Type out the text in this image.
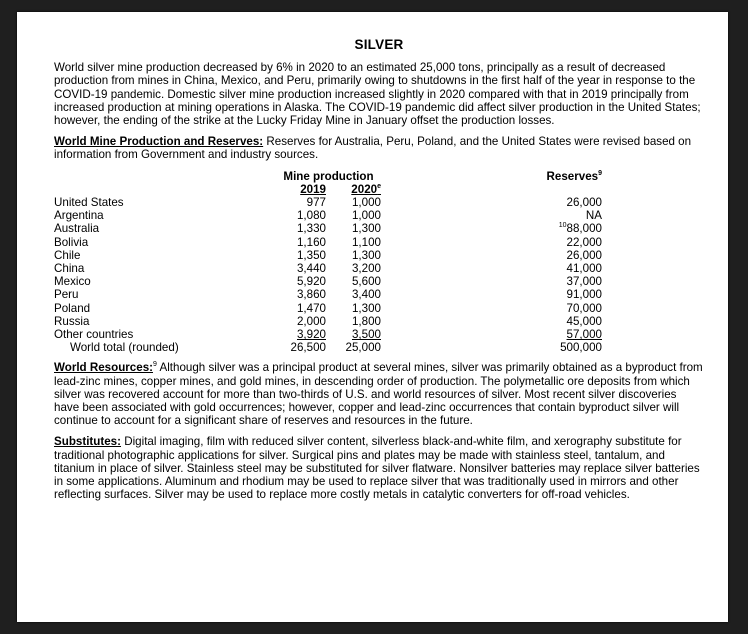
SILVER

World silver mine production decreased by 6% in 2020 to an estimated 25,000 tons, principally as a result of decreased production from mines in China, Mexico, and Peru, primarily owing to shutdowns in the first half of the year in response to the COVID-19 pandemic. Domestic silver mine production increased slightly in 2020 compared with that in 2019 principally from increased production at mining operations in Alaska. The COVID-19 pandemic did affect silver production in the United States; however, the ending of the strike at the Lucky Friday Mine in January offset the production losses.

World Mine Production and Reserves: Reserves for Australia, Peru, Poland, and the United States were revised based on information from Government and industry sources.

	Mine production		Reserves$^9$
	2019	2020e	
United States	977	1,000	26,000
Argentina	1,080	1,000	NA
Australia	1,330	1,300	$^{10}$88,000
Bolivia	1,160	1,100	22,000
Chile	1,350	1,300	26,000
China	3,440	3,200	41,000
Mexico	5,920	5,600	37,000
Peru	3,860	3,400	91,000
Poland	1,470	1,300	70,000
Russia	2,000	1,800	45,000
Other countries	3,920	3,500	57,000
World total (rounded)	26,500	25,000	500,000

World Resources:$^9$ Although silver was a principal product at several mines, silver was primarily obtained as a byproduct from lead-zinc mines, copper mines, and gold mines, in descending order of production. The polymetallic ore deposits from which silver was recovered account for more than two-thirds of U.S. and world resources of silver. Most recent silver discoveries have been associated with gold occurrences; however, copper and lead-zinc occurrences that contain byproduct silver will continue to account for a significant share of reserves and resources in the future.

Substitutes: Digital imaging, film with reduced silver content, silverless black-and-white film, and xerography substitute for traditional photographic applications for silver. Surgical pins and plates may be made with stainless steel, tantalum, and titanium in place of silver. Stainless steel may be substituted for silver flatware. Nonsilver batteries may replace silver batteries in some applications. Aluminum and rhodium may be used to replace silver that was traditionally used in mirrors and other reflecting surfaces. Silver may be used to replace more costly metals in catalytic converters for off-road vehicles.
